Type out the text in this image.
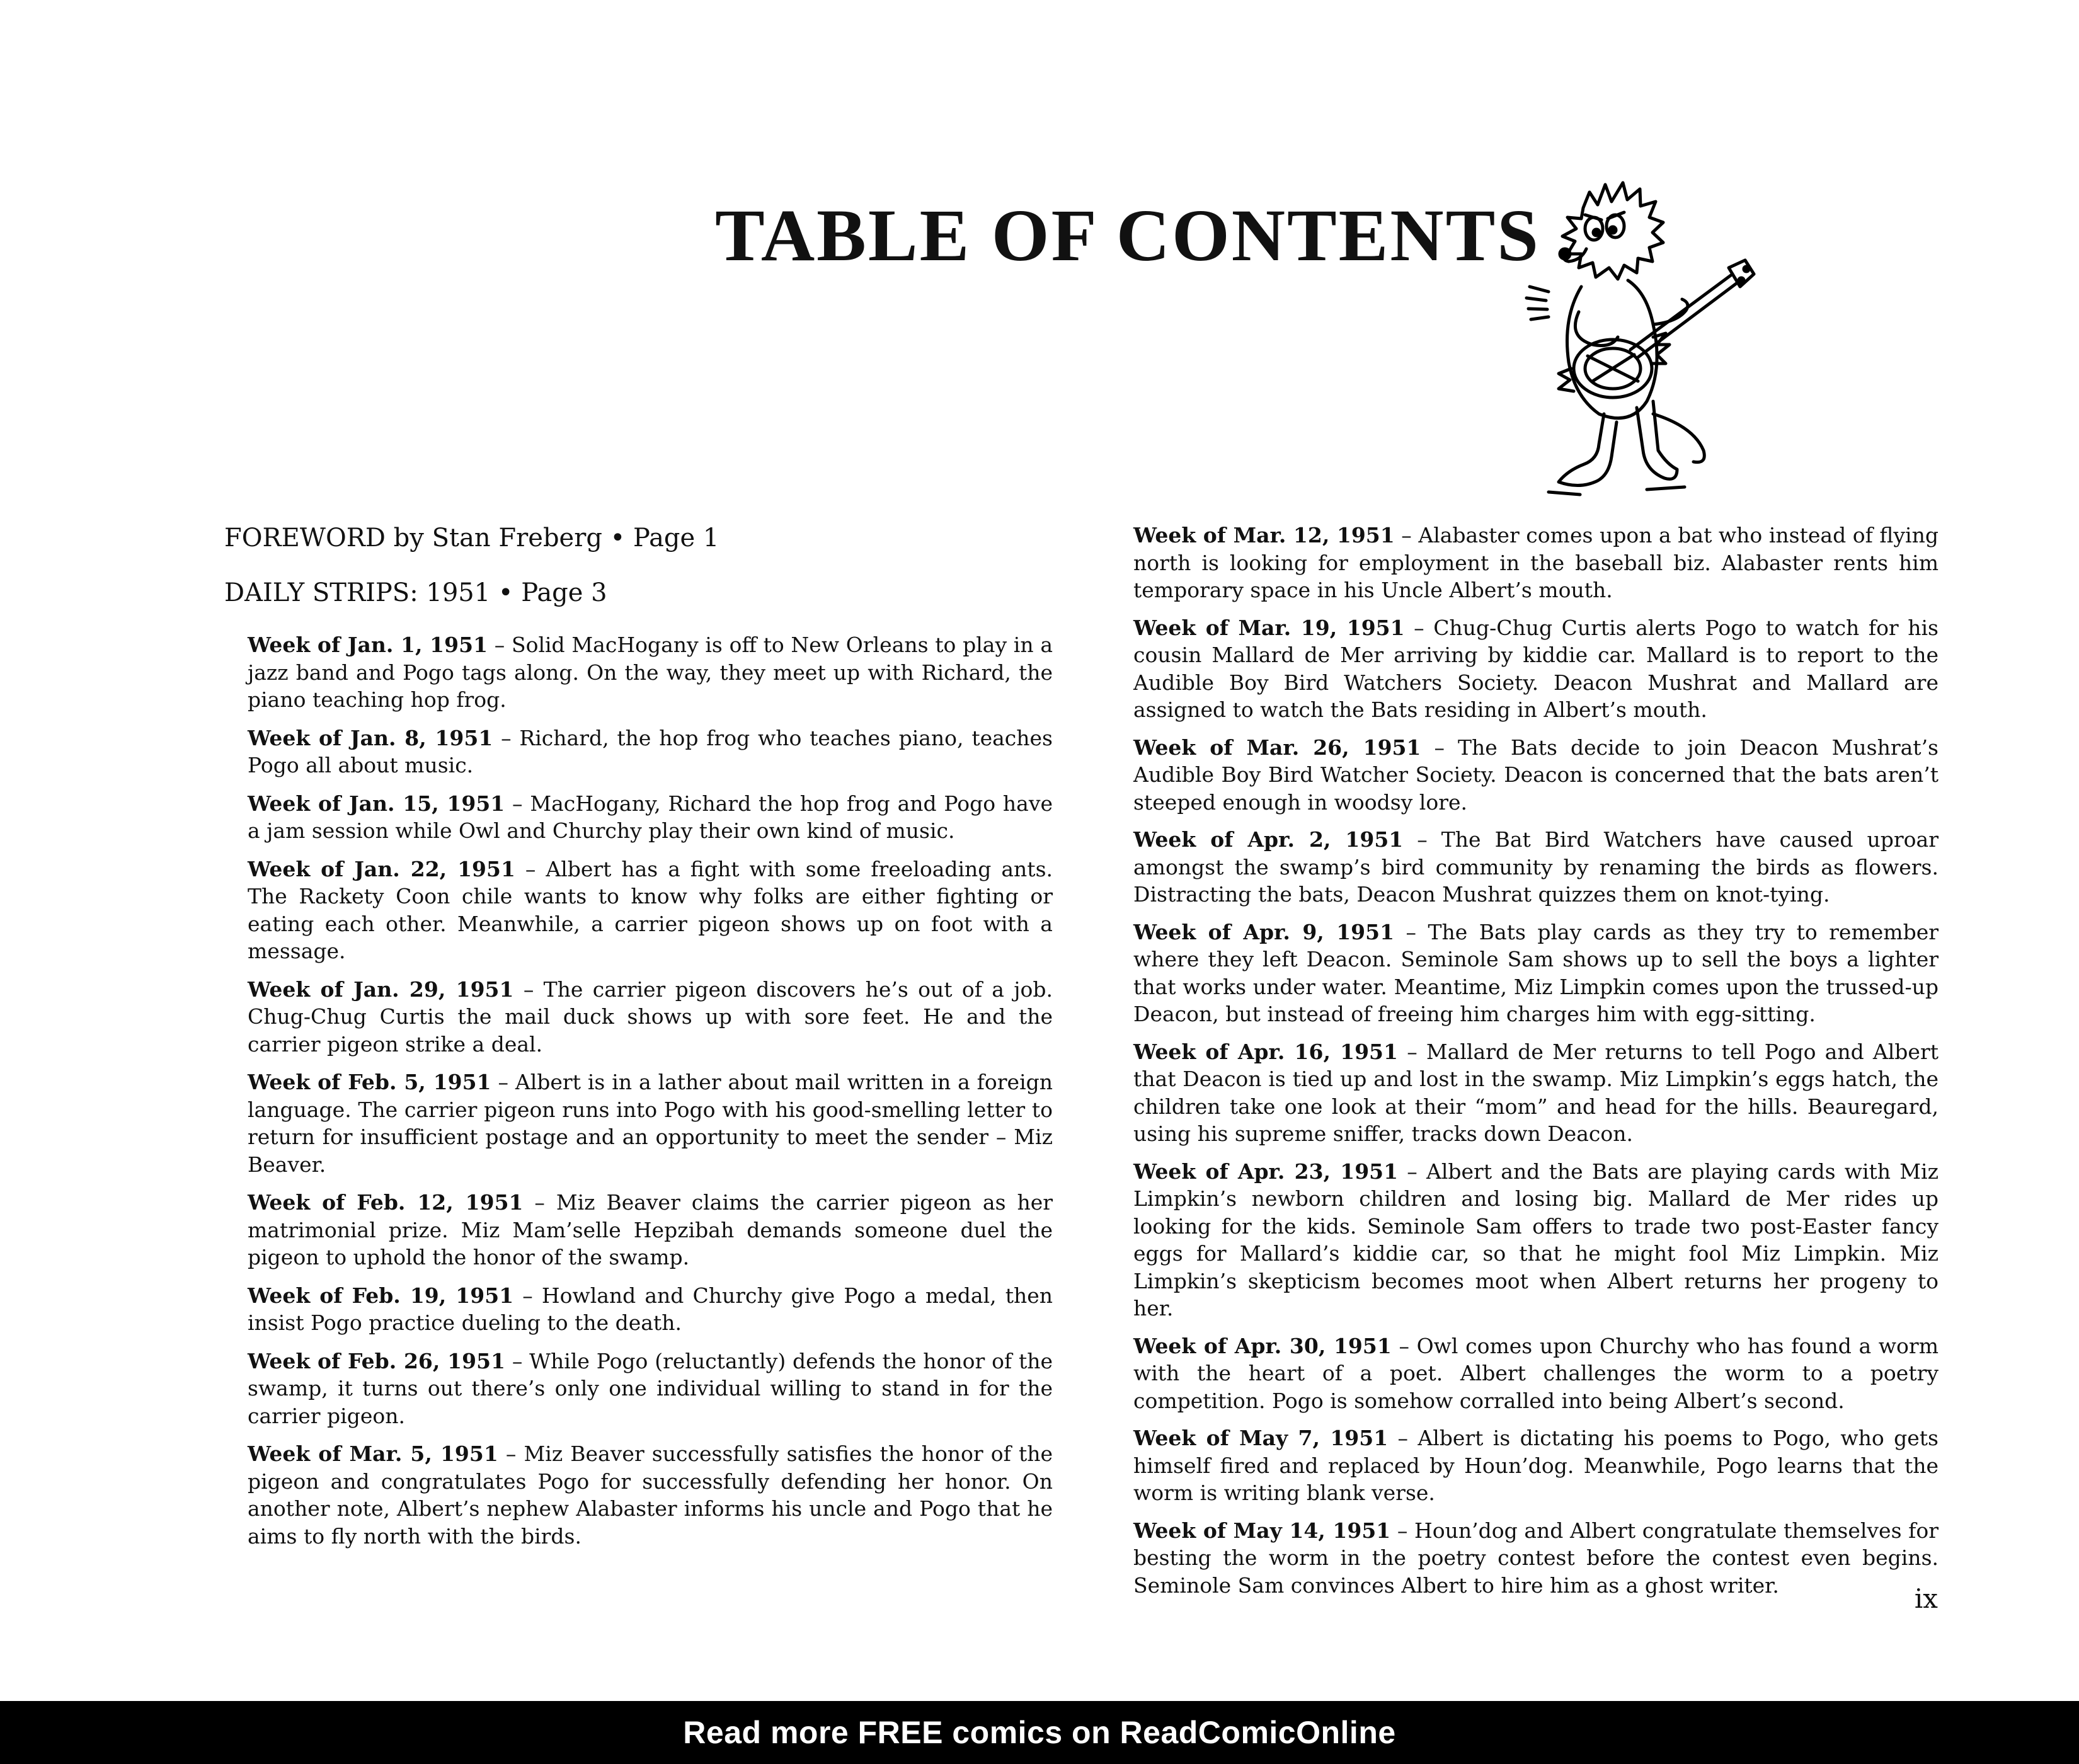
TABLE OF CONTENTS

FOREWORD by Stan Freberg • Page 1

DAILY STRIPS: 1951 • Page 3

Week of Jan. 1, 1951 – Solid MacHogany is off to New Orleans to play in a jazz band and Pogo tags along. On the way, they meet up with Richard, the piano teaching hop frog.

Week of Jan. 8, 1951 – Richard, the hop frog who teaches piano, teaches Pogo all about music.

Week of Jan. 15, 1951 – MacHogany, Richard the hop frog and Pogo have a jam session while Owl and Churchy play their own kind of music.

Week of Jan. 22, 1951 – Albert has a fight with some freeloading ants. The Rackety Coon chile wants to know why folks are either fighting or eating each other. Meanwhile, a carrier pigeon shows up on foot with a message.

Week of Jan. 29, 1951 – The carrier pigeon discovers he’s out of a job. Chug-Chug Curtis the mail duck shows up with sore feet. He and the carrier pigeon strike a deal.

Week of Feb. 5, 1951 – Albert is in a lather about mail written in a foreign language. The carrier pigeon runs into Pogo with his good-smelling letter to return for insufficient postage and an opportunity to meet the sender – Miz Beaver.

Week of Feb. 12, 1951 – Miz Beaver claims the carrier pigeon as her matrimonial prize. Miz Mam’selle Hepzibah demands someone duel the pigeon to uphold the honor of the swamp.

Week of Feb. 19, 1951 – Howland and Churchy give Pogo a medal, then insist Pogo practice dueling to the death.

Week of Feb. 26, 1951 – While Pogo (reluctantly) defends the honor of the swamp, it turns out there’s only one individual willing to stand in for the carrier pigeon.

Week of Mar. 5, 1951 – Miz Beaver successfully satisfies the honor of the pigeon and congratulates Pogo for successfully defending her honor. On another note, Albert’s nephew Alabaster informs his uncle and Pogo that he aims to fly north with the birds.

Week of Mar. 12, 1951 – Alabaster comes upon a bat who instead of flying north is looking for employment in the baseball biz. Alabaster rents him temporary space in his Uncle Albert’s mouth.

Week of Mar. 19, 1951 – Chug-Chug Curtis alerts Pogo to watch for his cousin Mallard de Mer arriving by kiddie car. Mallard is to report to the Audible Boy Bird Watchers Society. Deacon Mushrat and Mallard are assigned to watch the Bats residing in Albert’s mouth.

Week of Mar. 26, 1951 – The Bats decide to join Deacon Mushrat’s Audible Boy Bird Watcher Society. Deacon is concerned that the bats aren’t steeped enough in woodsy lore.

Week of Apr. 2, 1951 – The Bat Bird Watchers have caused uproar amongst the swamp’s bird community by renaming the birds as flowers. Distracting the bats, Deacon Mushrat quizzes them on knot-tying.

Week of Apr. 9, 1951 – The Bats play cards as they try to remember where they left Deacon. Seminole Sam shows up to sell the boys a lighter that works under water. Meantime, Miz Limpkin comes upon the trussed-up Deacon, but instead of freeing him charges him with egg-sitting.

Week of Apr. 16, 1951 – Mallard de Mer returns to tell Pogo and Albert that Deacon is tied up and lost in the swamp. Miz Limpkin’s eggs hatch, the children take one look at their “mom” and head for the hills. Beauregard, using his supreme sniffer, tracks down Deacon.

Week of Apr. 23, 1951 – Albert and the Bats are playing cards with Miz Limpkin’s newborn children and losing big. Mallard de Mer rides up looking for the kids. Seminole Sam offers to trade two post-Easter fancy eggs for Mallard’s kiddie car, so that he might fool Miz Limpkin. Miz Limpkin’s skepticism becomes moot when Albert returns her progeny to her.

Week of Apr. 30, 1951 – Owl comes upon Churchy who has found a worm with the heart of a poet. Albert challenges the worm to a poetry competition. Pogo is somehow corralled into being Albert’s second.

Week of May 7, 1951 – Albert is dictating his poems to Pogo, who gets himself fired and replaced by Houn’dog. Meanwhile, Pogo learns that the worm is writing blank verse.

Week of May 14, 1951 – Houn’dog and Albert congratulate themselves for besting the worm in the poetry contest before the contest even begins. Seminole Sam convinces Albert to hire him as a ghost writer.	ix
Read more FREE comics on ReadComicOnline
